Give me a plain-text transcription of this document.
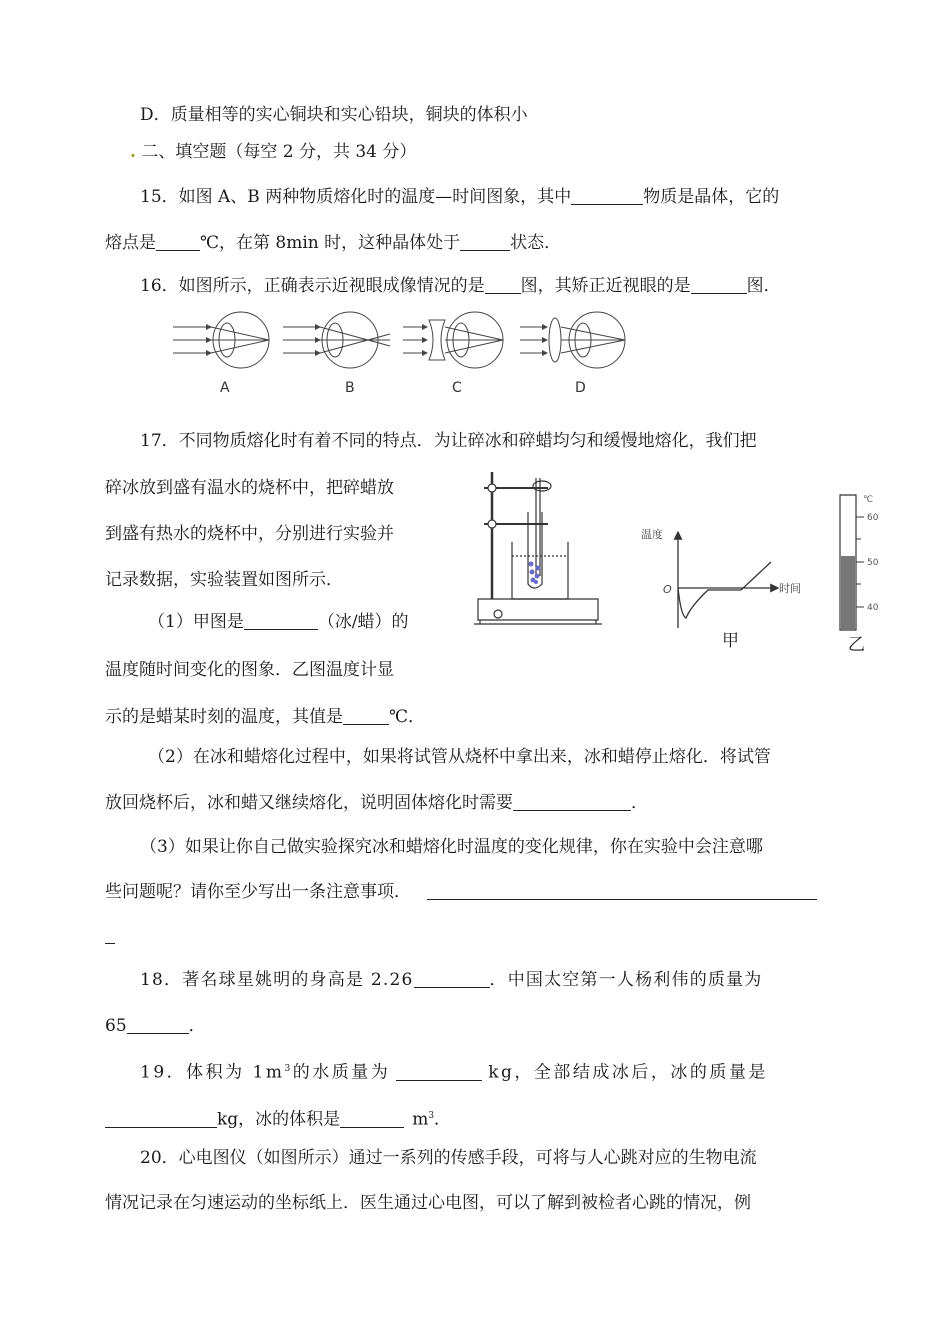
D．质量相等的实心铜块和实心铅块，铜块的体积小
. 二、填空题（每空 2 分，共 34 分）
15．如图 A、B 两种物质熔化时的温度—时间图象，其中	物质是晶体，它的
熔点是	℃，在第 8min 时，这种晶体处于	状态．
16．如图所示，正确表示近视眼成像情况的是 图，其矫正近视眼的是	图．
A	B	C	D
17．不同物质熔化时有着不同的特点．为让碎冰和碎蜡均匀和缓慢地熔化，我们把
碎冰放到盛有温水的烧杯中，把碎蜡放
到盛有热水的烧杯中，分别进行实验并
记录数据，实验装置如图所示．
（1）甲图是	（冰/蜡）的
温度随时间变化的图象．乙图温度计显
示的是蜡某时刻的温度，其值是	℃．
温度
时间
O
甲
℃
60
50
40
乙
（2）在冰和蜡熔化过程中，如果将试管从烧杯中拿出来，冰和蜡停止熔化．将试管
放回烧杯后，冰和蜡又继续熔化，说明固体熔化时需要	．
（3）如果让你自己做实验探究冰和蜡熔化时温度的变化规律，你在实验中会注意哪
些问题呢？请你至少写出一条注意事项．
18．著名球星姚明的身高是 2.26	．中国太空第一人杨利伟的质量为
65	．
19．体积为 $1m^3$的水质量为	kg，全部结成冰后，冰的质量是
kg，冰的体积是	$m^3$．
20．心电图仪（如图所示）通过一系列的传感手段，可将与人心跳对应的生物电流
情况记录在匀速运动的坐标纸上．医生通过心电图，可以了解到被检者心跳的情况，例
